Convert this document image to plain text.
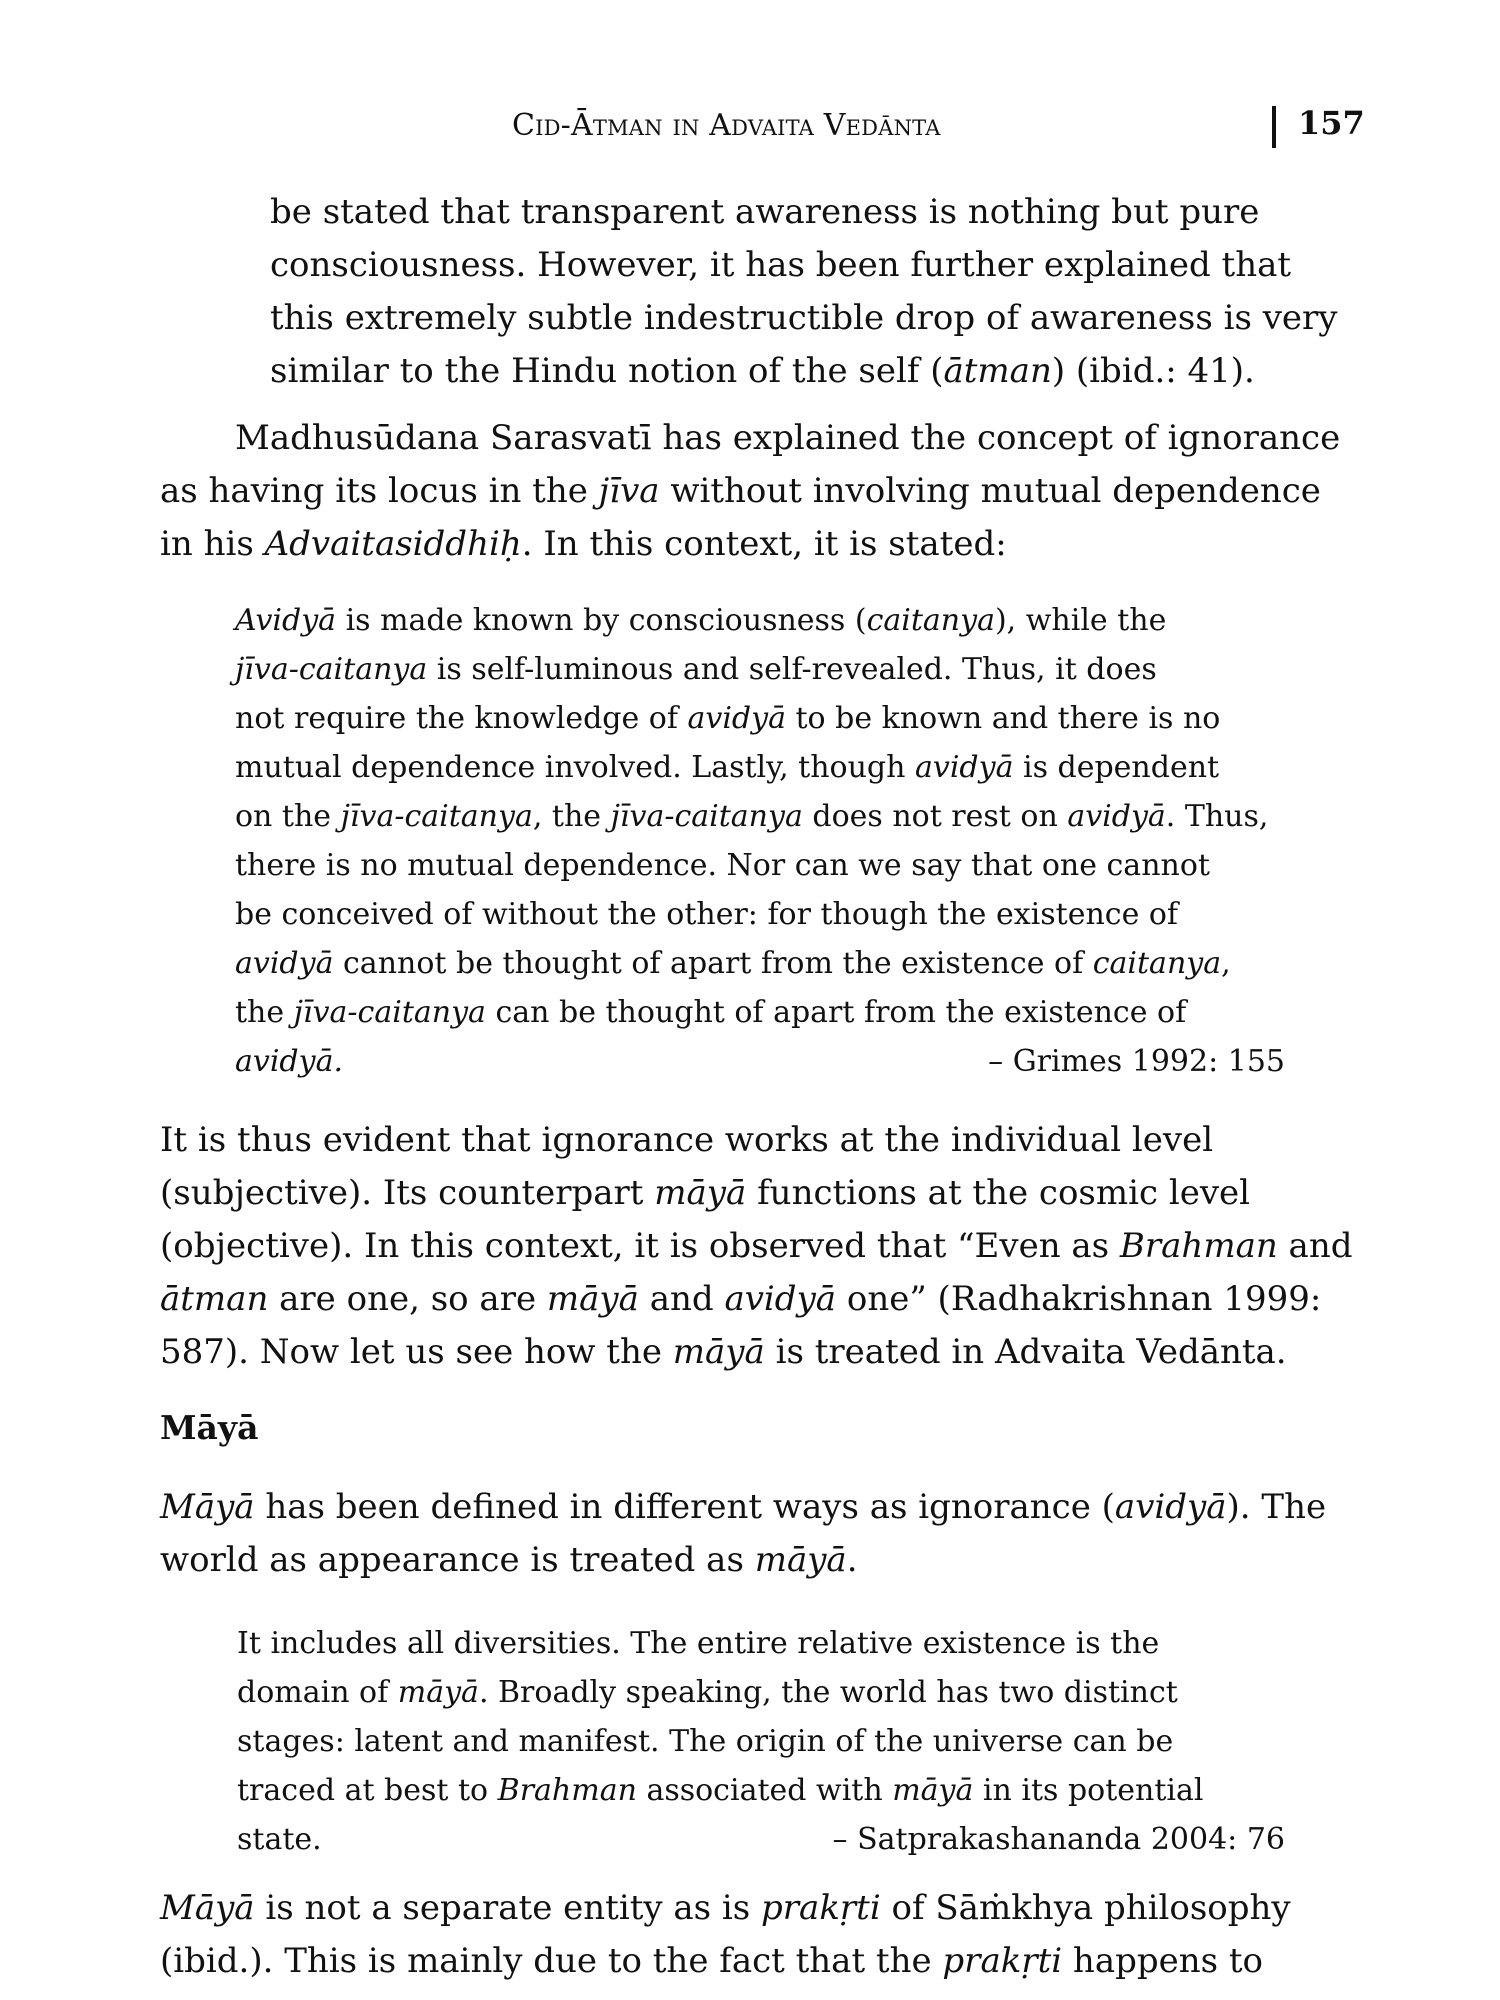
Cid-Ātman in Advaita Vedānta	157
be stated that transparent awareness is nothing but pure
consciousness. However, it has been further explained that
this extremely subtle indestructible drop of awareness is very
similar to the Hindu notion of the self (ātman) (ibid.: 41).
Madhusūdana Sarasvatī has explained the concept of ignorance
as having its locus in the jīva without involving mutual dependence
in his Advaitasiddhiḥ. In this context, it is stated:
Avidyā is made known by consciousness (caitanya), while the
jīva-caitanya is self-luminous and self-revealed. Thus, it does
not require the knowledge of avidyā to be known and there is no
mutual dependence involved. Lastly, though avidyā is dependent
on the jīva-caitanya, the jīva-caitanya does not rest on avidyā. Thus,
there is no mutual dependence. Nor can we say that one cannot
be conceived of without the other: for though the existence of
avidyā cannot be thought of apart from the existence of caitanya,
the jīva-caitanya can be thought of apart from the existence of
avidyā.	– Grimes 1992: 155
It is thus evident that ignorance works at the individual level
(subjective). Its counterpart māyā functions at the cosmic level
(objective). In this context, it is observed that “Even as Brahman and
ātman are one, so are māyā and avidyā one” (Radhakrishnan 1999:
587). Now let us see how the māyā is treated in Advaita Vedānta.
Māyā
Māyā has been defined in different ways as ignorance (avidyā). The
world as appearance is treated as māyā.
It includes all diversities. The entire relative existence is the
domain of māyā. Broadly speaking, the world has two distinct
stages: latent and manifest. The origin of the universe can be
traced at best to Brahman associated with māyā in its potential
state.	– Satprakashananda 2004: 76
Māyā is not a separate entity as is prakṛti of Sāṁkhya philosophy
(ibid.). This is mainly due to the fact that the prakṛti happens to
